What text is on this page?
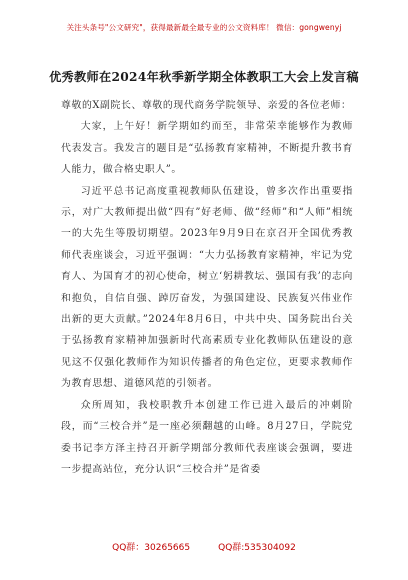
关注头条号"公文研究"，获得最新最全最专业的公文资料库！ 微信：gongwenyj
优秀教师在2024年秋季新学期全体教职工大会上发言稿

尊敬的X副院长、尊敬的现代商务学院领导、亲爱的各位老师：

大家，上午好！新学期如约而至，非常荣幸能够作为教师代表发言。我发言的题目是“弘扬教育家精神，不断提升教书育人能力，做合格史职人”。

习近平总书记高度重视教师队伍建设，曾多次作出重要指示，对广大教师提出做“四有”好老师、做“经师”和“人师”相统一的大先生等殷切期望。2023年9月9日在京召开全国优秀教师代表座谈会，习近平强调：“大力弘扬教育家精神，牢记为党育人、为国育才的初心使命，树立‘躬耕教坛、强国有我’的志向和抱负，自信自强、踔厉奋发，为强国建设、民族复兴伟业作出新的更大贡献。”2024年8月6日，中共中央、国务院出台关于弘扬教育家精神加强新时代高素质专业化教师队伍建设的意见这不仅强化教师作为知识传播者的角色定位，更要求教师作为教育思想、道德风范的引领者。

众所周知，我校职教升本创建工作已进入最后的冲刺阶段，而“三校合并”是一座必须翻越的山峰。8月27日，学院党委书记李方泽主持召开新学期部分教师代表座谈会强调，要进一步提高站位，充分认识“三校合并”是省委

QQ群：30265665	QQ群:535304092
